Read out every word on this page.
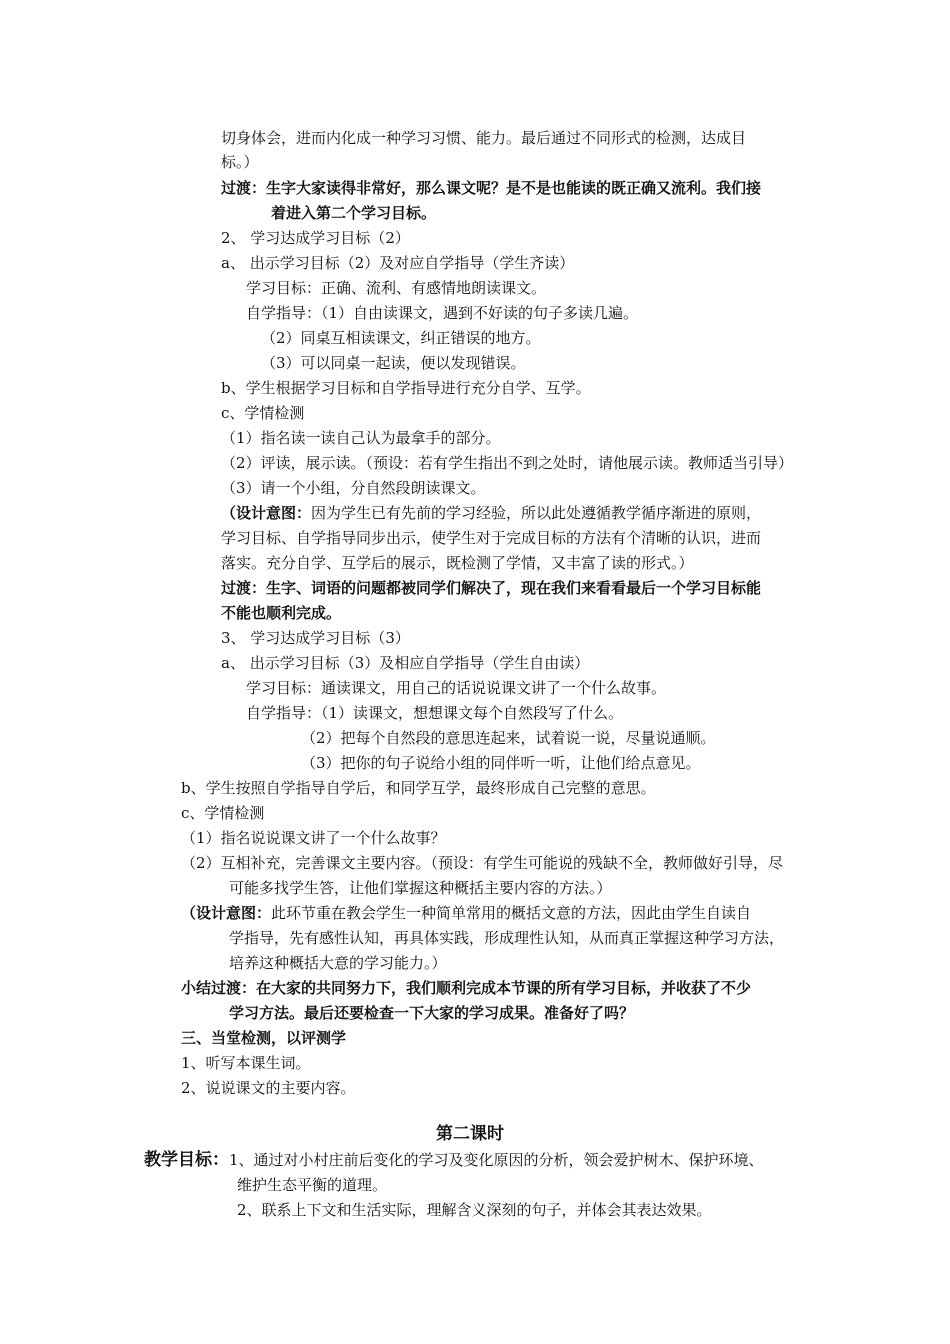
切身体会，进而内化成一种学习习惯、能力。最后通过不同形式的检测，达成目
标。）
过渡：生字大家读得非常好，那么课文呢？是不是也能读的既正确又流利。我们接
着进入第二个学习目标。
2、 学习达成学习目标（2）
a、 出示学习目标（2）及对应自学指导（学生齐读）
学习目标：正确、流利、有感情地朗读课文。
自学指导：（1）自由读课文，遇到不好读的句子多读几遍。
（2）同桌互相读课文，纠正错误的地方。
（3）可以同桌一起读，便以发现错误。
b、学生根据学习目标和自学指导进行充分自学、互学。
c、学情检测
（1）指名读一读自己认为最拿手的部分。
（2）评读，展示读。（预设：若有学生指出不到之处时，请他展示读。教师适当引导）
（3）请一个小组，分自然段朗读课文。
（设计意图：因为学生已有先前的学习经验，所以此处遵循教学循序渐进的原则，
学习目标、自学指导同步出示，使学生对于完成目标的方法有个清晰的认识，进而
落实。充分自学、互学后的展示，既检测了学情，又丰富了读的形式。）
过渡：生字、词语的问题都被同学们解决了，现在我们来看看最后一个学习目标能
不能也顺利完成。
3、 学习达成学习目标（3）
a、 出示学习目标（3）及相应自学指导（学生自由读）
学习目标：通读课文，用自己的话说说课文讲了一个什么故事。
自学指导：（1）读课文，想想课文每个自然段写了什么。
（2）把每个自然段的意思连起来，试着说一说，尽量说通顺。
（3）把你的句子说给小组的同伴听一听，让他们给点意见。
b、学生按照自学指导自学后，和同学互学，最终形成自己完整的意思。
c、学情检测
（1）指名说说课文讲了一个什么故事？
（2）互相补充，完善课文主要内容。（预设：有学生可能说的残缺不全，教师做好引导，尽
可能多找学生答，让他们掌握这种概括主要内容的方法。）
（设计意图：此环节重在教会学生一种简单常用的概括文意的方法，因此由学生自读自
学指导，先有感性认知，再具体实践，形成理性认知，从而真正掌握这种学习方法，
培养这种概括大意的学习能力。）
小结过渡：在大家的共同努力下，我们顺利完成本节课的所有学习目标，并收获了不少
学习方法。最后还要检查一下大家的学习成果。准备好了吗？
三、当堂检测，以评测学
1、听写本课生词。
2、说说课文的主要内容。
第二课时
教学目标：1、通过对小村庄前后变化的学习及变化原因的分析，领会爱护树木、保护环境、
维护生态平衡的道理。
2、联系上下文和生活实际，理解含义深刻的句子，并体会其表达效果。
